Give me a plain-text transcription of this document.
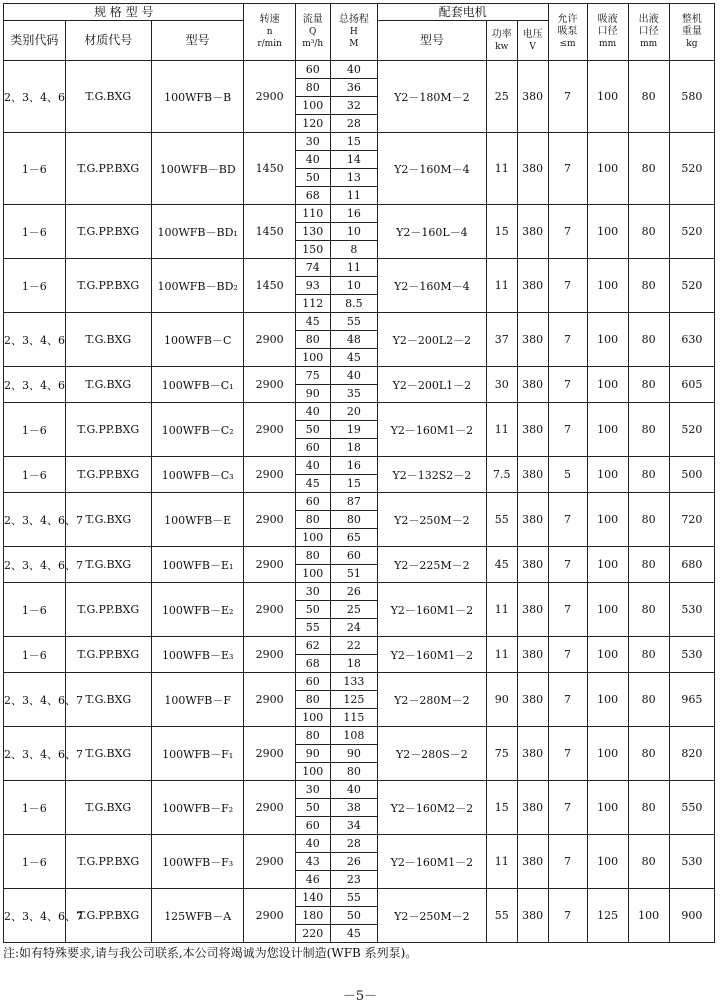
规 格 型 号			转速
n
r/min	流量
Q
m³/h	总扬程
H
M	配套电机			允许
吸泵
≤m	吸液
口径
mm	出液
口径
mm	整机
重量
kg

类别代码	材质代号	型号				型号	功率
kw	电压
V				

2、3、4、6	T.G.BXG	100WFB－B	2900	60	40	Y2－180M－2	25	380	7	100	80	580
				80	36							
				100	32							
				120	28							
1－6	T.G.PP.BXG	100WFB－BD	1450	30	15	Y2－160M－4	11	380	7	100	80	520
				40	14							
				50	13							
				68	11							
1－6	T.G.PP.BXG	100WFB－BD₁	1450	110	16	Y2－160L－4	15	380	7	100	80	520
				130	10							
				150	8							
1－6	T.G.PP.BXG	100WFB－BD₂	1450	74	11	Y2－160M－4	11	380	7	100	80	520
				93	10							
				112	8.5							
2、3、4、6	T.G.BXG	100WFB－C	2900	45	55	Y2－200L2－2	37	380	7	100	80	630
				80	48							
				100	45							
2、3、4、6	T.G.BXG	100WFB－C₁	2900	75	40	Y2－200L1－2	30	380	7	100	80	605
				90	35							
1－6	T.G.PP.BXG	100WFB－C₂	2900	40	20	Y2－160M1－2	11	380	7	100	80	520
				50	19							
				60	18							
1－6	T.G.PP.BXG	100WFB－C₃	2900	40	16	Y2－132S2－2	7.5	380	5	100	80	500
				45	15							
2、3、4、6、7	T.G.BXG	100WFB－E	2900	60	87	Y2－250M－2	55	380	7	100	80	720
				80	80							
				100	65							
2、3、4、6、7	T.G.BXG	100WFB－E₁	2900	80	60	Y2－225M－2	45	380	7	100	80	680
				100	51							
1－6	T.G.PP.BXG	100WFB－E₂	2900	30	26	Y2－160M1－2	11	380	7	100	80	530
				50	25							
				55	24							
1－6	T.G.PP.BXG	100WFB－E₃	2900	62	22	Y2－160M1－2	11	380	7	100	80	530
				68	18							
2、3、4、6、7	T.G.BXG	100WFB－F	2900	60	133	Y2－280M－2	90	380	7	100	80	965
				80	125							
				100	115							
2、3、4、6、7	T.G.BXG	100WFB－F₁	2900	80	108	Y2－280S－2	75	380	7	100	80	820
				90	90							
				100	80							
1－6	T.G.BXG	100WFB－F₂	2900	30	40	Y2－160M2－2	15	380	7	100	80	550
				50	38							
				60	34							
1－6	T.G.PP.BXG	100WFB－F₃	2900	40	28	Y2－160M1－2	11	380	7	100	80	530
				43	26							
				46	23							
2、3、4、6、7	T.G.PP.BXG	125WFB－A	2900	140	55	Y2－250M－2	55	380	7	125	100	900
				180	50							
				220	45							
注:如有特殊要求,请与我公司联系,本公司将竭诚为您设计制造(WFB 系列泵)。
－5－
